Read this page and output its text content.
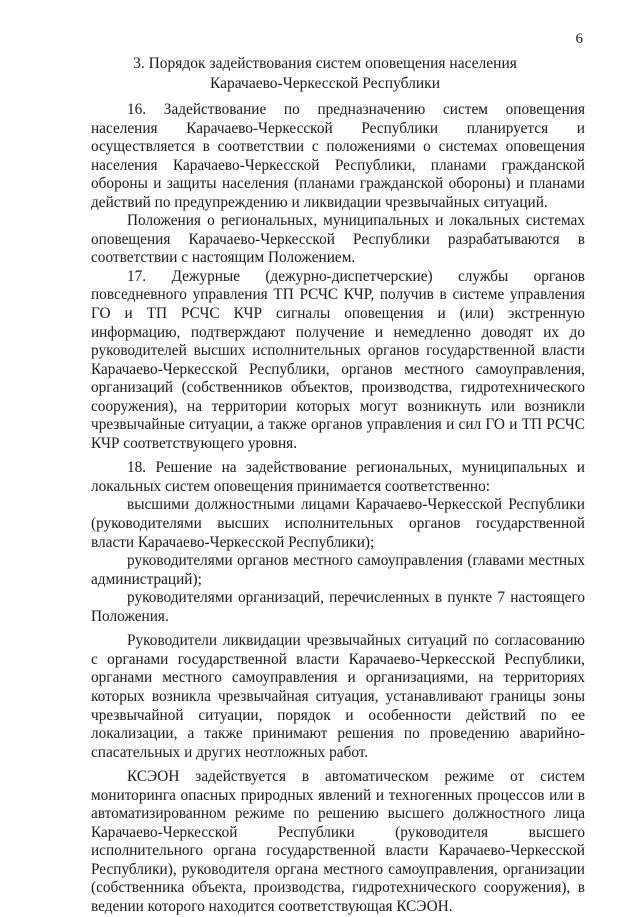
6
3. Порядок задействования систем оповещения населения
Карачаево-Черкесской Республики

16. Задействование по предназначению систем оповещения населения Карачаево-Черкесской Республики планируется и осуществляется в соответствии с положениями о системах оповещения населения Карачаево-Черкесской Республики, планами гражданской обороны и защиты населения (планами гражданской обороны) и планами действий по предупреждению и ликвидации чрезвычайных ситуаций.

Положения о региональных, муниципальных и локальных системах оповещения Карачаево-Черкесской Республики разрабатываются в соответствии с настоящим Положением.

17. Дежурные (дежурно-диспетчерские) службы органов повседневного управления ТП РСЧС КЧР, получив в системе управления ГО и ТП РСЧС КЧР сигналы оповещения и (или) экстренную информацию, подтверждают получение и немедленно доводят их до руководителей высших исполнительных органов государственной власти Карачаево-Черкесской Республики, органов местного самоуправления, организаций (собственников объектов, производства, гидротехнического сооружения), на территории которых могут возникнуть или возникли чрезвычайные ситуации, а также органов управления и сил ГО и ТП РСЧС КЧР соответствующего уровня.

18. Решение на задействование региональных, муниципальных и локальных систем оповещения принимается соответственно:

высшими должностными лицами Карачаево-Черкесской Республики (руководителями высших исполнительных органов государственной власти Карачаево-Черкесской Республики);

руководителями органов местного самоуправления (главами местных администраций);

руководителями организаций, перечисленных в пункте 7 настоящего Положения.

Руководители ликвидации чрезвычайных ситуаций по согласованию с органами государственной власти Карачаево-Черкесской Республики, органами местного самоуправления и организациями, на территориях которых возникла чрезвычайная ситуация, устанавливают границы зоны чрезвычайной ситуации, порядок и особенности действий по ее локализации, а также принимают решения по проведению аварийно-спасательных и других неотложных работ.

КСЭОН задействуется в автоматическом режиме от систем мониторинга опасных природных явлений и техногенных процессов или в автоматизированном режиме по решению высшего должностного лица Карачаево-Черкесской Республики (руководителя высшего исполнительного органа государственной власти Карачаево-Черкесской Республики), руководителя органа местного самоуправления, организации (собственника объекта, производства, гидротехнического сооружения), в ведении которого находится соответствующая КСЭОН.
